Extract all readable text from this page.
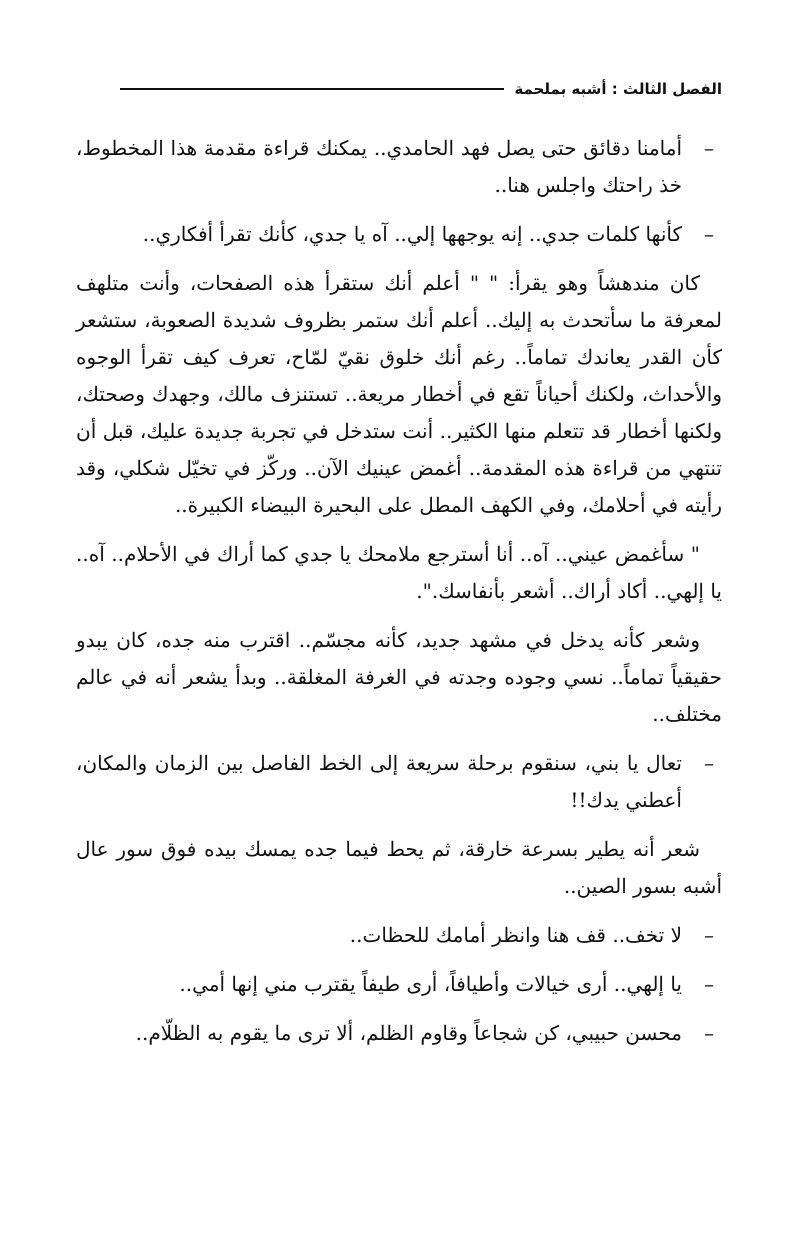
الفصل الثالث : أشبه بملحمة
–
أمامنا دقائق حتى يصل فهد الحامدي.. يمكنك قراءة مقدمة هذا المخطوط، خذ راحتك واجلس هنا..
–
كأنها كلمات جدي.. إنه يوجهها إلي.. آه يا جدي، كأنك تقرأ أفكاري..

كان مندهشاً وهو يقرأ: " " أعلم أنك ستقرأ هذه الصفحات، وأنت متلهف لمعرفة ما سأتحدث به إليك.. أعلم أنك ستمر بظروف شديدة الصعوبة، ستشعر كأن القدر يعاندك تماماً.. رغم أنك خلوق نقيّ لمّاح، تعرف كيف تقرأ الوجوه والأحداث، ولكنك أحياناً تقع في أخطار مريعة.. تستنزف مالك، وجهدك وصحتك، ولكنها أخطار قد تتعلم منها الكثير.. أنت ستدخل في تجربة جديدة عليك، قبل أن تنتهي من قراءة هذه المقدمة.. أغمض عينيك الآن.. وركّز في تخيّل شكلي، وقد رأيته في أحلامك، وفي الكهف المطل على البحيرة البيضاء الكبيرة..

" سأغمض عيني.. آه.. أنا أسترجع ملامحك يا جدي كما أراك في الأحلام.. آه.. يا إلهي.. أكاد أراك.. أشعر بأنفاسك.".

وشعر كأنه يدخل في مشهد جديد، كأنه مجسّم.. اقترب منه جده، كان يبدو حقيقياً تماماً.. نسي وجوده وجدته في الغرفة المغلقة.. وبدأ يشعر أنه في عالم مختلف..

–
تعال يا بني، سنقوم برحلة سريعة إلى الخط الفاصل بين الزمان والمكان، أعطني يدك!!

شعر أنه يطير بسرعة خارقة، ثم يحط فيما جده يمسك بيده فوق سور عال أشبه بسور الصين..

–
لا تخف.. قف هنا وانظر أمامك للحظات..
–
يا إلهي.. أرى خيالات وأطيافاً، أرى طيفاً يقترب مني إنها أمي..
–
محسن حبيبي، كن شجاعاً وقاوم الظلم، ألا ترى ما يقوم به الظلّام..
